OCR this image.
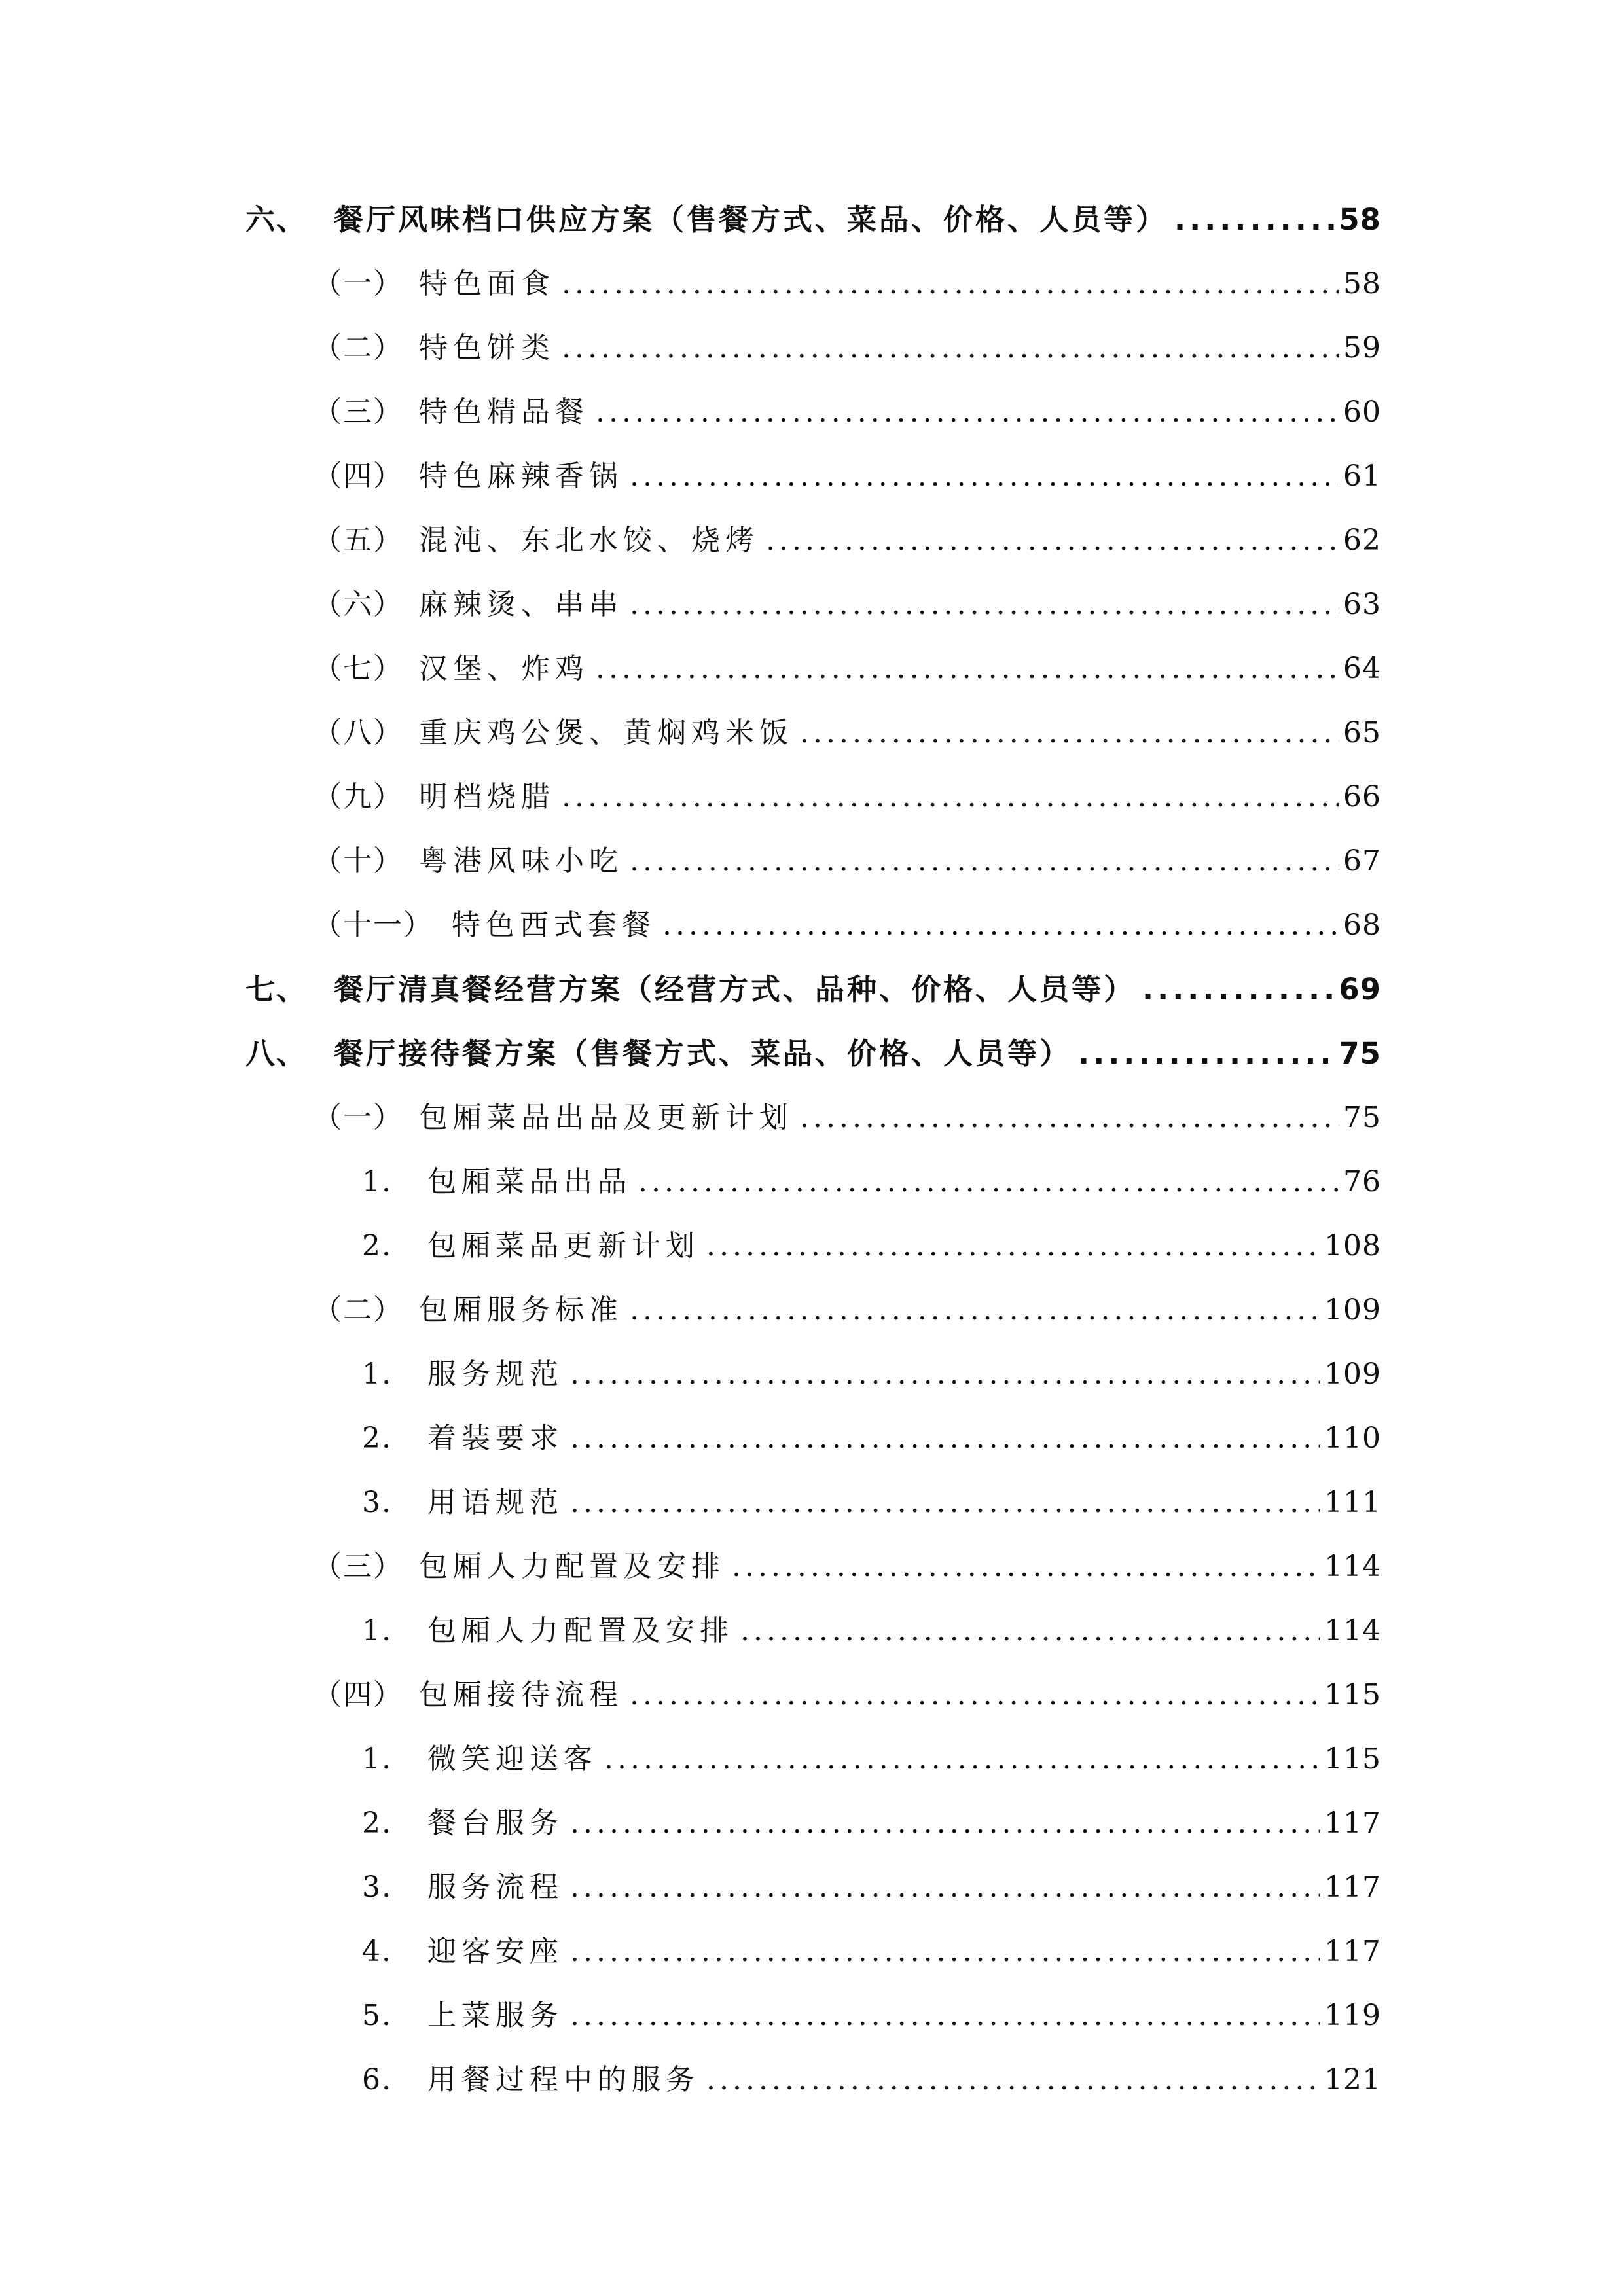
六、 餐厅风味档口供应方案（售餐方式、菜品、价格、人员等） .....	58
（一） 特色面食 .....	58
（二） 特色饼类 .....	59
（三） 特色精品餐 .....	60
（四） 特色麻辣香锅 .....	61
（五） 混沌、东北水饺、烧烤 .....	62
（六） 麻辣烫、串串 .....	63
（七） 汉堡、炸鸡 .....	64
（八） 重庆鸡公煲、黄焖鸡米饭 .....	65
（九） 明档烧腊 .....	66
（十） 粤港风味小吃 .....	67
（十一） 特色西式套餐 .....	68
七、 餐厅清真餐经营方案（经营方式、品种、价格、人员等） .....	69
八、 餐厅接待餐方案（售餐方式、菜品、价格、人员等） .....	75
（一） 包厢菜品出品及更新计划 .....	75
1.	包厢菜品出品 .....	76
2.	包厢菜品更新计划 .....	108
（二） 包厢服务标准 .....	109
1.	服务规范 .....	109
2.	着装要求 .....	110
3.	用语规范 .....	111
（三） 包厢人力配置及安排 .....	114
1.	包厢人力配置及安排 .....	114
（四） 包厢接待流程 .....	115
1.	微笑迎送客 .....	115
2.	餐台服务 .....	117
3.	服务流程 .....	117
4.	迎客安座 .....	117
5.	上菜服务 .....	119
6.	用餐过程中的服务 .....	121
